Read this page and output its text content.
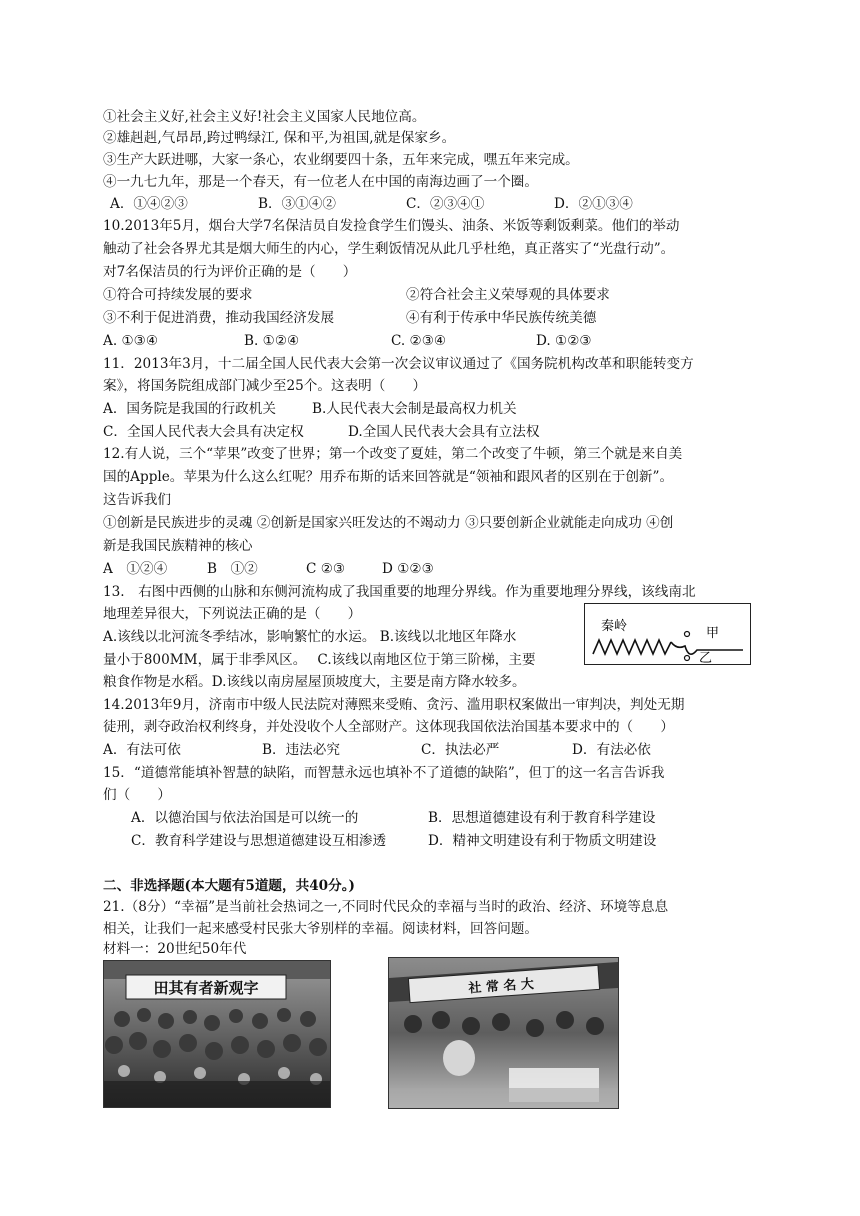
①社会主义好,社会主义好!社会主义国家人民地位高。
②雄赳赳,气昂昂,跨过鸭绿江, 保和平,为祖国,就是保家乡。
③生产大跃进哪，大家一条心，农业纲要四十条，五年来完成，嘿五年来完成。
④一九七九年，那是一个春天，有一位老人在中国的南海边画了一个圈。
A．①④②③	B．③①④②	C．②③④①	D．②①③④
10.2013年5月，烟台大学7名保洁员自发捡食学生们馒头、油条、米饭等剩饭剩菜。他们的举动
触动了社会各界尤其是烟大师生的内心，学生剩饭情况从此几乎杜绝，真正落实了“光盘行动”。
对7名保洁员的行为评价正确的是（　　）
①符合可持续发展的要求	②符合社会主义荣辱观的具体要求
③不利于促进消费，推动我国经济发展	④有利于传承中华民族传统美德
A. ①③④	B. ①②④	C. ②③④	D. ①②③
11．2013年3月，十二届全国人民代表大会第一次会议审议通过了《国务院机构改革和职能转变方
案》，将国务院组成部门减少至25个。这表明（　　）
A．国务院是我国的行政机关	B.人民代表大会制是最高权力机关
C．全国人民代表大会具有决定权	D.全国人民代表大会具有立法权
12.有人说，三个“苹果”改变了世界；第一个改变了夏娃，第二个改变了牛顿，第三个就是来自美
国的Apple。苹果为什么这么红呢？用乔布斯的话来回答就是“领袖和跟风者的区别在于创新”。
这告诉我们
①创新是民族进步的灵魂 ②创新是国家兴旺发达的不竭动力 ③只要创新企业就能走向成功 ④创
新是我国民族精神的核心
A　①②④	B　①②	C ②③	D ①②③
13.　右图中西侧的山脉和东侧河流构成了我国重要的地理分界线。作为重要地理分界线，该线南北
地理差异很大，下列说法正确的是（　　）
A.该线以北河流冬季结冰，影响繁忙的水运。 B.该线以北地区年降水
量小于800MM，属于非季风区。　 C.该线以南地区位于第三阶梯，主要
粮食作物是水稻。D.该线以南房屋屋顶坡度大，主要是南方降水较多。
秦岭	甲
乙
14.2013年9月，济南市中级人民法院对薄熙来受贿、贪污、滥用职权案做出一审判决，判处无期
徒刑，剥夺政治权利终身，并处没收个人全部财产。这体现我国依法治国基本要求中的（　　）
A．有法可依	B．违法必究	C．执法必严	D．有法必依
15．“道德常能填补智慧的缺陷，而智慧永远也填补不了道德的缺陷”，但丁的这一名言告诉我
们（　　）
A．以德治国与依法治国是可以统一的	B．思想道德建设有利于教育科学建设
C．教育科学建设与思想道德建设互相渗透	D．精神文明建设有利于物质文明建设
二、非选择题(本大题有5道题，共40分。)
21.（8分）“幸福”是当前社会热词之一,不同时代民众的幸福与当时的政治、经济、环境等息息
相关，让我们一起来感受村民张大爷别样的幸福。阅读材料，回答问题。
材料一：20世纪50年代
田其有者新观字	社 常 名 大
